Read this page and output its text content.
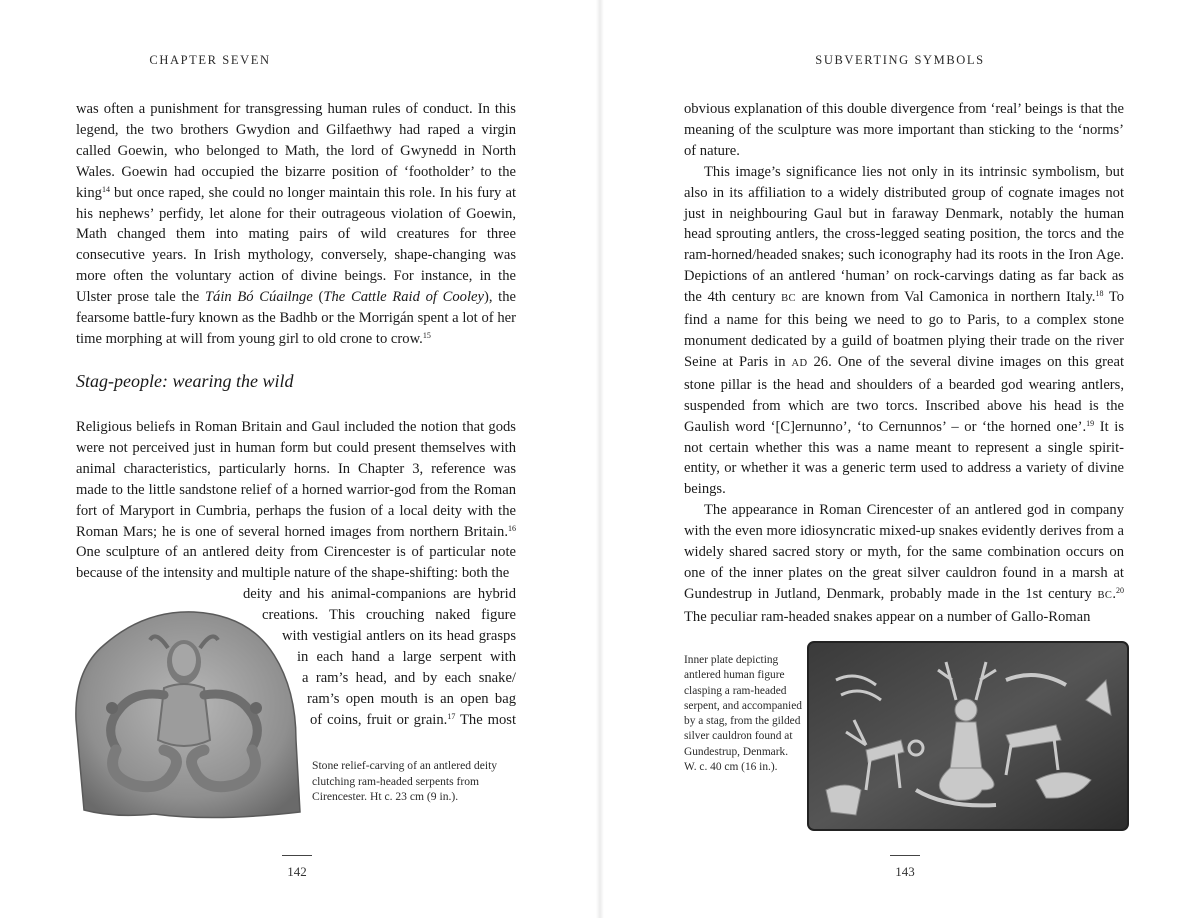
CHAPTER SEVEN

was often a punishment for transgressing human rules of conduct. In this legend, the two brothers Gwydion and Gilfaethwy had raped a virgin called Goewin, who belonged to Math, the lord of Gwynedd in North Wales. Goewin had occupied the bizarre position of ‘footholder’ to the king$^{14}$ but once raped, she could no longer maintain this role. In his fury at his nephews’ perfidy, let alone for their outrageous violation of Goewin, Math changed them into mating pairs of wild creatures for three consecutive years. In Irish mythology, conversely, shape-changing was more often the voluntary action of divine beings. For instance, in the Ulster prose tale the Táin Bó Cúailnge (The Cattle Raid of Cooley), the fearsome battle-fury known as the Badhb or the Morrigán spent a lot of her time morphing at will from young girl to old crone to crow.$^{15}$

Stag-people: wearing the wild

Religious beliefs in Roman Britain and Gaul included the notion that gods were not perceived just in human form but could present themselves with animal characteristics, particularly horns. In Chapter 3, reference was made to the little sandstone relief of a horned warrior-god from the Roman fort of Maryport in Cumbria, perhaps the fusion of a local deity with the Roman Mars; he is one of several horned images from northern Britain.$^{16}$ One sculpture of an antlered deity from Cirencester is of particular note because of the intensity and multiple nature of the shape-shifting: both the

deity and his animal-companions are hybrid
creations. This crouching naked figure
with vestigial antlers on its head grasps
in each hand a large serpent with
a ram’s head, and by each snake/
ram’s open mouth is an open bag
of coins, fruit or grain.$^{17}$ The most
Stone relief-carving of an antlered deity clutching ram-headed serpents from Cirencester. Ht c. 23 cm (9 in.).
142
SUBVERTING SYMBOLS

obvious explanation of this double divergence from ‘real’ beings is that the meaning of the sculpture was more important than sticking to the ‘norms’ of nature.

This image’s significance lies not only in its intrinsic symbolism, but also in its affiliation to a widely distributed group of cognate images not just in neighbouring Gaul but in faraway Denmark, notably the human head sprouting antlers, the cross-legged seating position, the torcs and the ram-horned/headed snakes; such iconography had its roots in the Iron Age. Depictions of an antlered ‘human’ on rock-carvings dating as far back as the 4th century BC are known from Val Camonica in northern Italy.$^{18}$ To find a name for this being we need to go to Paris, to a complex stone monument dedicated by a guild of boatmen plying their trade on the river Seine at Paris in AD 26. One of the several divine images on this great stone pillar is the head and shoulders of a bearded god wearing antlers, suspended from which are two torcs. Inscribed above his head is the Gaulish word ‘[C]ernunno’, ‘to Cernunnos’ – or ‘the horned one’.$^{19}$ It is not certain whether this was a name meant to represent a single spirit-entity, or whether it was a generic term used to address a variety of divine beings.

The appearance in Roman Cirencester of an antlered god in company with the even more idiosyncratic mixed-up snakes evidently derives from a widely shared sacred story or myth, for the same combination occurs on one of the inner plates on the great silver cauldron found in a marsh at Gundestrup in Jutland, Denmark, probably made in the 1st century BC.$^{20}$ The peculiar ram-headed snakes appear on a number of Gallo-Roman

Inner plate depicting antlered human figure clasping a ram-headed serpent, and accompanied by a stag, from the gilded silver cauldron found at Gundestrup, Denmark. W. c. 40 cm (16 in.).
143
